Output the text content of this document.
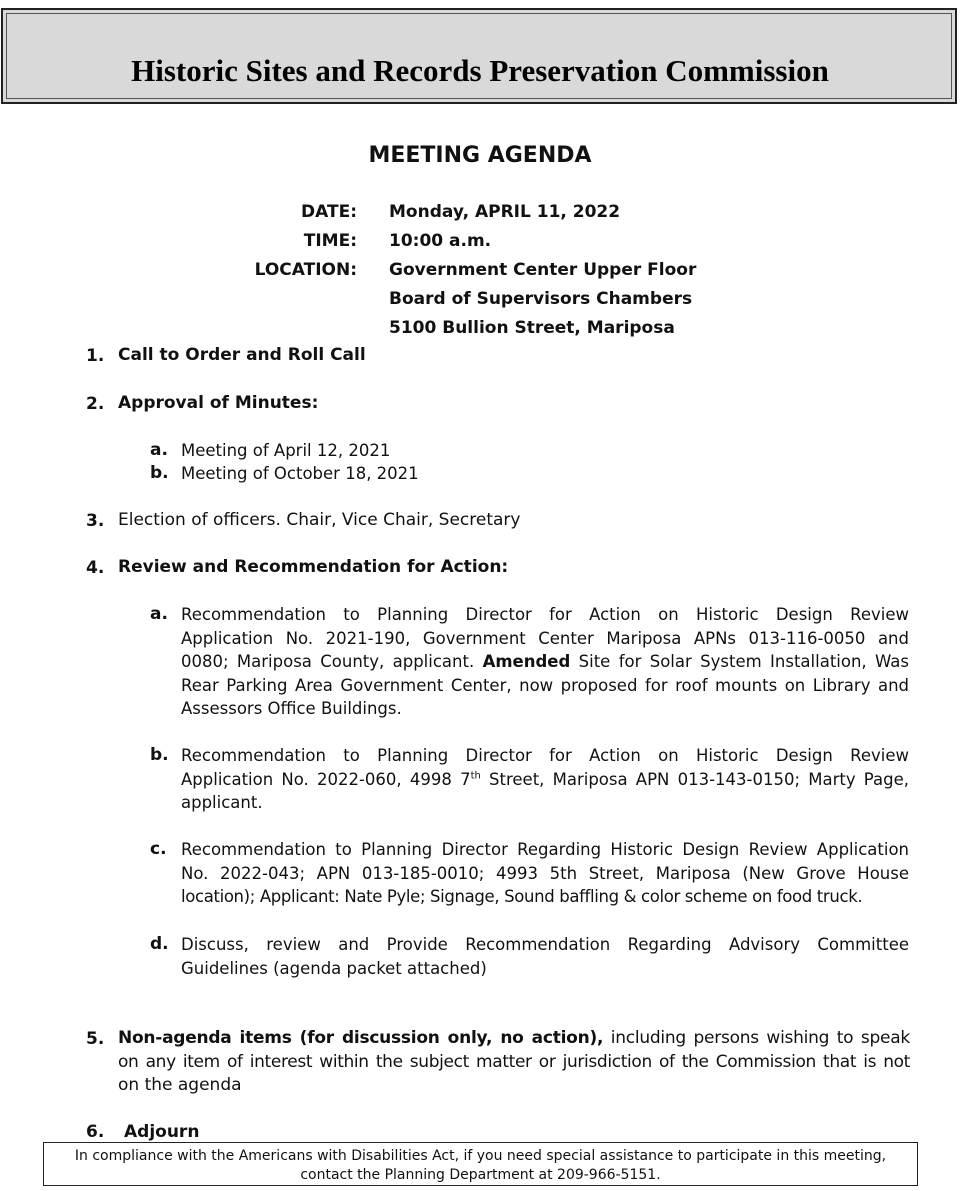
Historic Sites and Records Preservation Commission
MEETING AGENDA
DATE: Monday, APRIL 11, 2022
TIME: 10:00 a.m.
LOCATION: Government Center Upper Floor
Board of Supervisors Chambers
5100 Bullion Street, Mariposa
1. Call to Order and Roll Call
2. Approval of Minutes:
a. Meeting of April 12, 2021
b. Meeting of October 18, 2021
3. Election of officers. Chair, Vice Chair, Secretary
4. Review and Recommendation for Action:
a. Recommendation to Planning Director for Action on Historic Design Review
Application No. 2021-190, Government Center Mariposa APNs 013-116-0050 and
0080; Mariposa County, applicant. Amended Site for Solar System Installation, Was
Rear Parking Area Government Center, now proposed for roof mounts on Library and
Assessors Office Buildings.
b. Recommendation to Planning Director for Action on Historic Design Review
Application No. 2022-060, 4998 7th Street, Mariposa APN 013-143-0150; Marty Page,
applicant.
c. Recommendation to Planning Director Regarding Historic Design Review Application
No. 2022-043; APN 013-185-0010; 4993 5th Street, Mariposa (New Grove House
location); Applicant: Nate Pyle; Signage, Sound baffling & color scheme on food truck.
d. Discuss, review and Provide Recommendation Regarding Advisory Committee
Guidelines (agenda packet attached)
5. Non-agenda items (for discussion only, no action), including persons wishing to speak
on any item of interest within the subject matter or jurisdiction of the Commission that is not
on the agenda
6.	Adjourn
In compliance with the Americans with Disabilities Act, if you need special assistance to participate in this meeting,
contact the Planning Department at 209-966-5151.
